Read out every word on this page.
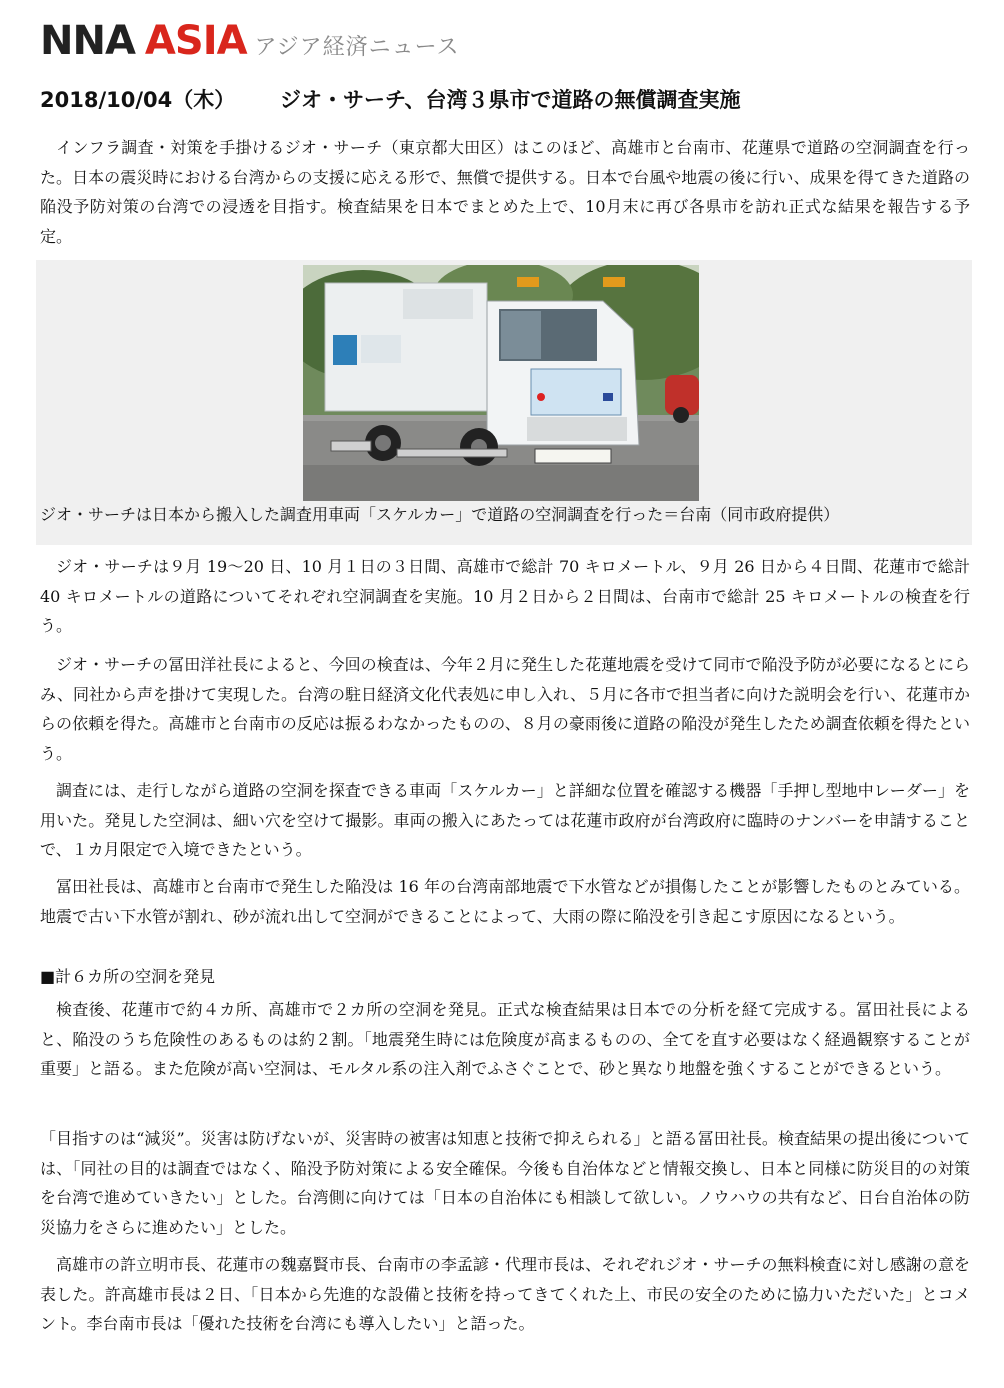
NNA ASIA アジア経済ニュース
2018/10/04（木）	ジオ・サーチ、台湾３県市で道路の無償調査実施

インフラ調査・対策を手掛けるジオ・サーチ（東京都大田区）はこのほど、高雄市と台南市、花蓮県で道路の空洞調査を行った。日本の震災時における台湾からの支援に応える形で、無償で提供する。日本で台風や地震の後に行い、成果を得てきた道路の陥没予防対策の台湾での浸透を目指す。検査結果を日本でまとめた上で、10月末に再び各県市を訪れ正式な結果を報告する予定。

ジオ・サーチは日本から搬入した調査用車両「スケルカー」で道路の空洞調査を行った＝台南（同市政府提供）

ジオ・サーチは９月 19〜20 日、10 月１日の３日間、高雄市で総計 70 キロメートル、９月 26 日から４日間、花蓮市で総計 40 キロメートルの道路についてそれぞれ空洞調査を実施。10 月２日から２日間は、台南市で総計 25 キロメートルの検査を行う。

ジオ・サーチの冨田洋社長によると、今回の検査は、今年２月に発生した花蓮地震を受けて同市で陥没予防が必要になるとにらみ、同社から声を掛けて実現した。台湾の駐日経済文化代表処に申し入れ、５月に各市で担当者に向けた説明会を行い、花蓮市からの依頼を得た。高雄市と台南市の反応は振るわなかったものの、８月の豪雨後に道路の陥没が発生したため調査依頼を得たという。

調査には、走行しながら道路の空洞を探査できる車両「スケルカー」と詳細な位置を確認する機器「手押し型地中レーダー」を用いた。発見した空洞は、細い穴を空けて撮影。車両の搬入にあたっては花蓮市政府が台湾政府に臨時のナンバーを申請することで、１カ月限定で入境できたという。

冨田社長は、高雄市と台南市で発生した陥没は 16 年の台湾南部地震で下水管などが損傷したことが影響したものとみている。地震で古い下水管が割れ、砂が流れ出して空洞ができることによって、大雨の際に陥没を引き起こす原因になるという。

■計６カ所の空洞を発見

検査後、花蓮市で約４カ所、高雄市で２カ所の空洞を発見。正式な検査結果は日本での分析を経て完成する。冨田社長によると、陥没のうち危険性のあるものは約２割。「地震発生時には危険度が高まるものの、全てを直す必要はなく経過観察することが重要」と語る。また危険が高い空洞は、モルタル系の注入剤でふさぐことで、砂と異なり地盤を強くすることができるという。

「目指すのは“減災”。災害は防げないが、災害時の被害は知恵と技術で抑えられる」と語る冨田社長。検査結果の提出後については、「同社の目的は調査ではなく、陥没予防対策による安全確保。今後も自治体などと情報交換し、日本と同様に防災目的の対策を台湾で進めていきたい」とした。台湾側に向けては「日本の自治体にも相談して欲しい。ノウハウの共有など、日台自治体の防災協力をさらに進めたい」とした。

高雄市の許立明市長、花蓮市の魏嘉賢市長、台南市の李孟諺・代理市長は、それぞれジオ・サーチの無料検査に対し感謝の意を表した。許高雄市長は２日、「日本から先進的な設備と技術を持ってきてくれた上、市民の安全のために協力いただいた」とコメント。李台南市長は「優れた技術を台湾にも導入したい」と語った。
